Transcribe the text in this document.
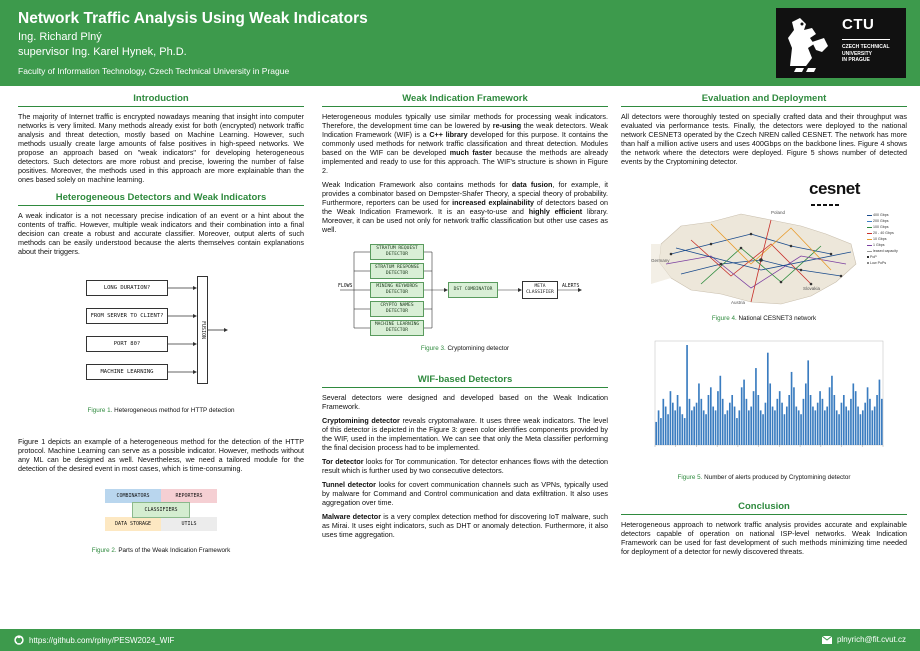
Network Traffic Analysis Using Weak Indicators
Ing. Richard Plný
supervisor Ing. Karel Hynek, Ph.D.
Faculty of Information Technology, Czech Technical University in Prague
CTU
CZECH TECHNICAL
UNIVERSITY
IN PRAGUE
Introduction

The majority of Internet traffic is encrypted nowadays meaning that insight into computer networks is very limited. Many methods already exist for both (encrypted) network traffic analysis and threat detection, mostly based on Machine Learning. However, such methods usually create large amounts of false positives in high-speed networks. We propose an approach based on "weak indicators" for developing heterogeneous detectors. Such detectors are more robust and precise, lowering the number of false positives. Moreover, the methods used in this approach are more explainable than the ones based solely on machine learning.

Heterogeneous Detectors and Weak Indicators

A weak indicator is a not necessary precise indication of an event or a hint about the contents of traffic. However, multiple weak indicators and their combination into a final decision can create a robust and accurate classifier. Moreover, output alerts of such methods can be easily understood because the alerts themselves contain explanations about their triggers.

LONG DURATION?
FROM SERVER TO CLIENT?
PORT 80?
MACHINE LEARNING
FUSION
Figure 1. Heterogeneous method for HTTP detection

Figure 1 depicts an example of a heterogeneous method for the detection of the HTTP protocol. Machine Learning can serve as a possible indicator. However, methods without any ML can be designed as well. Nevertheless, we need a tailored module for the detection of the desired event in most cases, which is time-consuming.

COMBINATORS	REPORTERS
DATA STORAGE	UTILS
CLASSIFIERS
Figure 2. Parts of the Weak Indication Framework
Weak Indication Framework

Heterogeneous modules typically use similar methods for processing weak indicators. Therefore, the development time can be lowered by re-using the weak detectors. Weak Indication Framework (WIF) is a C++ library developed for this purpose. It contains the commonly used methods for network traffic classification and threat detection. Modules based on the WIF can be developed much faster because the methods are already implemented and ready to use for this approach. The WIF's structure is shown in Figure 2.

Weak Indication Framework also contains methods for data fusion, for example, it provides a combinator based on Dempster-Shafer Theory, a special theory of probability. Furthermore, reporters can be used for increased explainability of detectors based on the Weak Indication Framework. It is an easy-to-use and highly efficient library. Moreover, it can be used not only for network traffic classification but other use cases as well.

FLOWS
STRATUM REQUEST DETECTOR
STRATUM RESPONSE DETECTOR
MINING KEYWORDS DETECTOR
CRYPTO NAMES DETECTOR
MACHINE LEARNING DETECTOR
DST COMBINATOR
META CLASSIFIER
ALERTS
Figure 3. Cryptomining detector
WIF-based Detectors

Several detectors were designed and developed based on the Weak Indication Framework.

Cryptomining detector reveals cryptomalware. It uses three weak indicators. The level of this detector is depicted in the Figure 3: green color identifies components provided by the WIF, used in the implementation. We can see that only the Meta classifier performing the final decision process had to be implemented.

Tor detector looks for Tor communication. Tor detector enhances flows with the detection result which is further used by two consecutive detectors.

Tunnel detector looks for covert communication channels such as VPNs, typically used by malware for Command and Control communication and data exfiltration. It also uses aggregation over time.

Malware detector is a very complex detection method for discovering IoT malware, such as Mirai. It uses eight indicators, such as DHT or anomaly detection. Furthermore, it also uses time aggregation.

Evaluation and Deployment

All detectors were thoroughly tested on specially crafted data and their throughput was evaluated via performance tests. Finally, the detectors were deployed to the national network CESNET3 operated by the Czech NREN called CESNET. The network has more than half a million active users and uses 400Gbps on the backbone lines. Figure 4 shows the network where the detectors were deployed. Figure 5 shows number of detected events by the Cryptomining detector.

cesnet
Poland
Germany
Austria
Slovakia
400 Gbps
200 Gbps
100 Gbps
20 - 40 Gbps
10 Gbps
1 Gbps
leased capacity
PoP
Low PoPs
Figure 4. National CESNET3 network
Figure 5. Number of alerts produced by Cryptomining detector
Conclusion

Heterogeneous approach to network traffic analysis provides accurate and explainable detectors capable of operation on national ISP-level networks. Weak Indication Framework can be used for fast development of such methods minimizing time needed for deployment of a detector for newly discovered threats.

https://github.com/rplny/PESW2024_WIF	plnyrich@fit.cvut.cz
